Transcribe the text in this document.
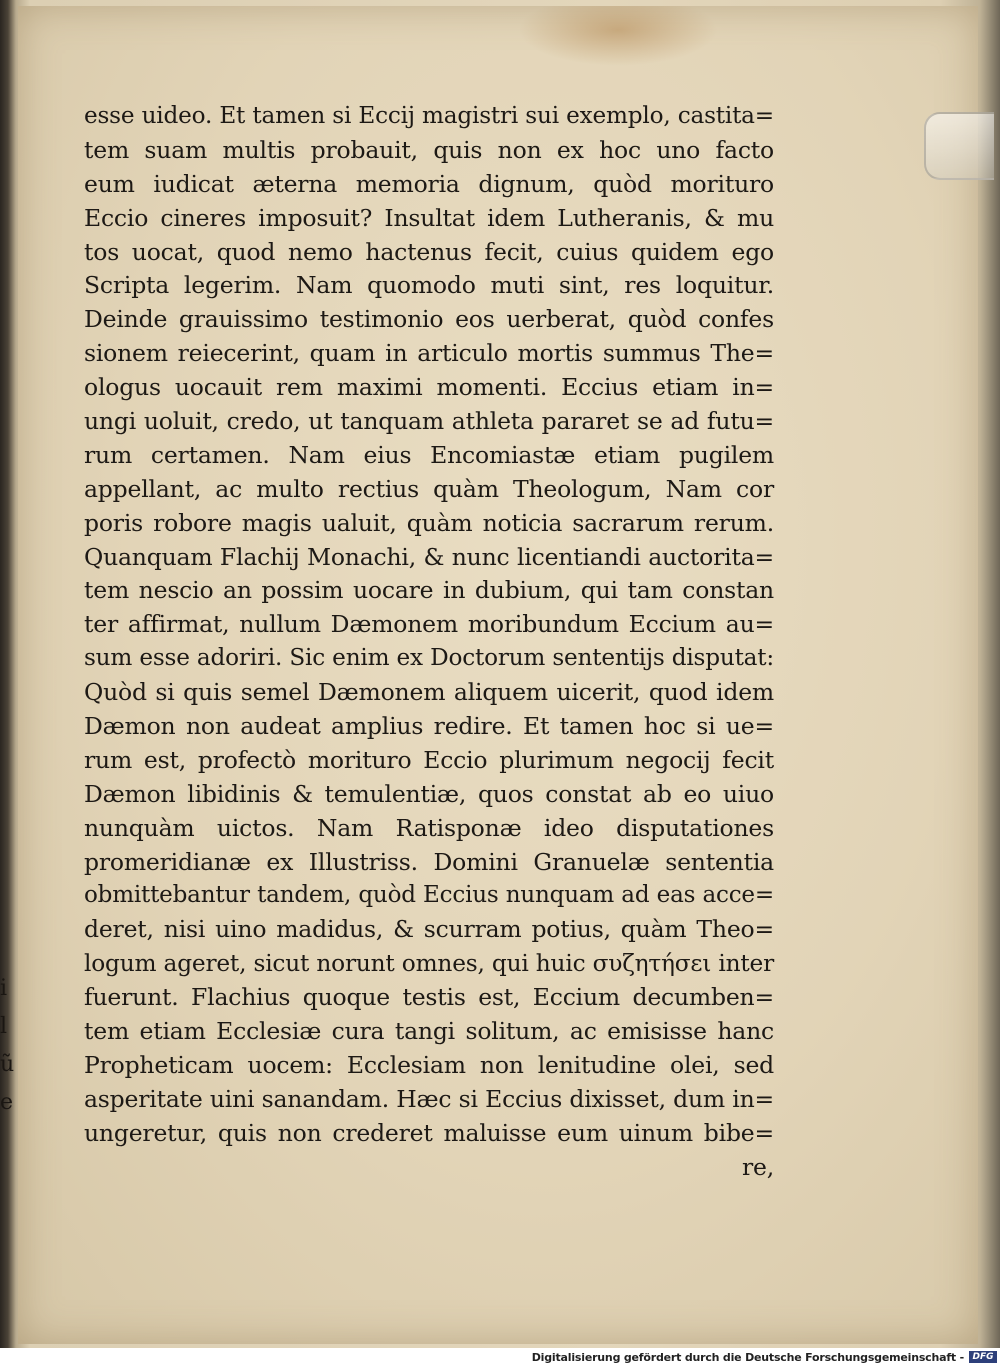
i
l
ũ
e
esse uideo. Et tamen si Eccij magistri sui exemplo, castita=
tem suam multis probauit, quis non ex hoc uno facto
eum iudicat æterna memoria dignum, quòd morituro
Eccio cineres imposuit? Insultat idem Lutheranis, & mu
tos uocat, quod nemo hactenus fecit, cuius quidem ego
Scripta legerim. Nam quomodo muti sint, res loquitur.
Deinde grauissimo testimonio eos uerberat, quòd confes
sionem reiecerint, quam in articulo mortis summus The=
ologus uocauit rem maximi momenti. Eccius etiam in=
ungi uoluit, credo, ut tanquam athleta pararet se ad futu=
rum certamen. Nam eius Encomiastæ etiam pugilem
appellant, ac multo rectius quàm Theologum, Nam cor
poris robore magis ualuit, quàm noticia sacrarum rerum.
Quanquam Flachij Monachi, & nunc licentiandi auctorita=
tem nescio an possim uocare in dubium, qui tam constan
ter affirmat, nullum Dæmonem moribundum Eccium au=
sum esse adoriri. Sic enim ex Doctorum sententijs disputat:
Quòd si quis semel Dæmonem aliquem uicerit, quod idem
Dæmon non audeat amplius redire. Et tamen hoc si ue=
rum est, profectò morituro Eccio plurimum negocij fecit
Dæmon libidinis & temulentiæ, quos constat ab eo uiuo
nunquàm uictos. Nam Ratisponæ ideo disputationes
promeridianæ ex Illustriss. Domini Granuelæ sententia
obmittebantur tandem, quòd Eccius nunquam ad eas acce=
deret, nisi uino madidus, & scurram potius, quàm Theo=
logum ageret, sicut norunt omnes, qui huic συζητήσει inter
fuerunt. Flachius quoque testis est, Eccium decumben=
tem etiam Ecclesiæ cura tangi solitum, ac emisisse hanc
Propheticam uocem: Ecclesiam non lenitudine olei, sed
asperitate uini sanandam. Hæc si Eccius dixisset, dum in=
ungeretur, quis non crederet maluisse eum uinum bibe=
re,
Digitalisierung gefördert durch die Deutsche Forschungsgemeinschaft - DFG
